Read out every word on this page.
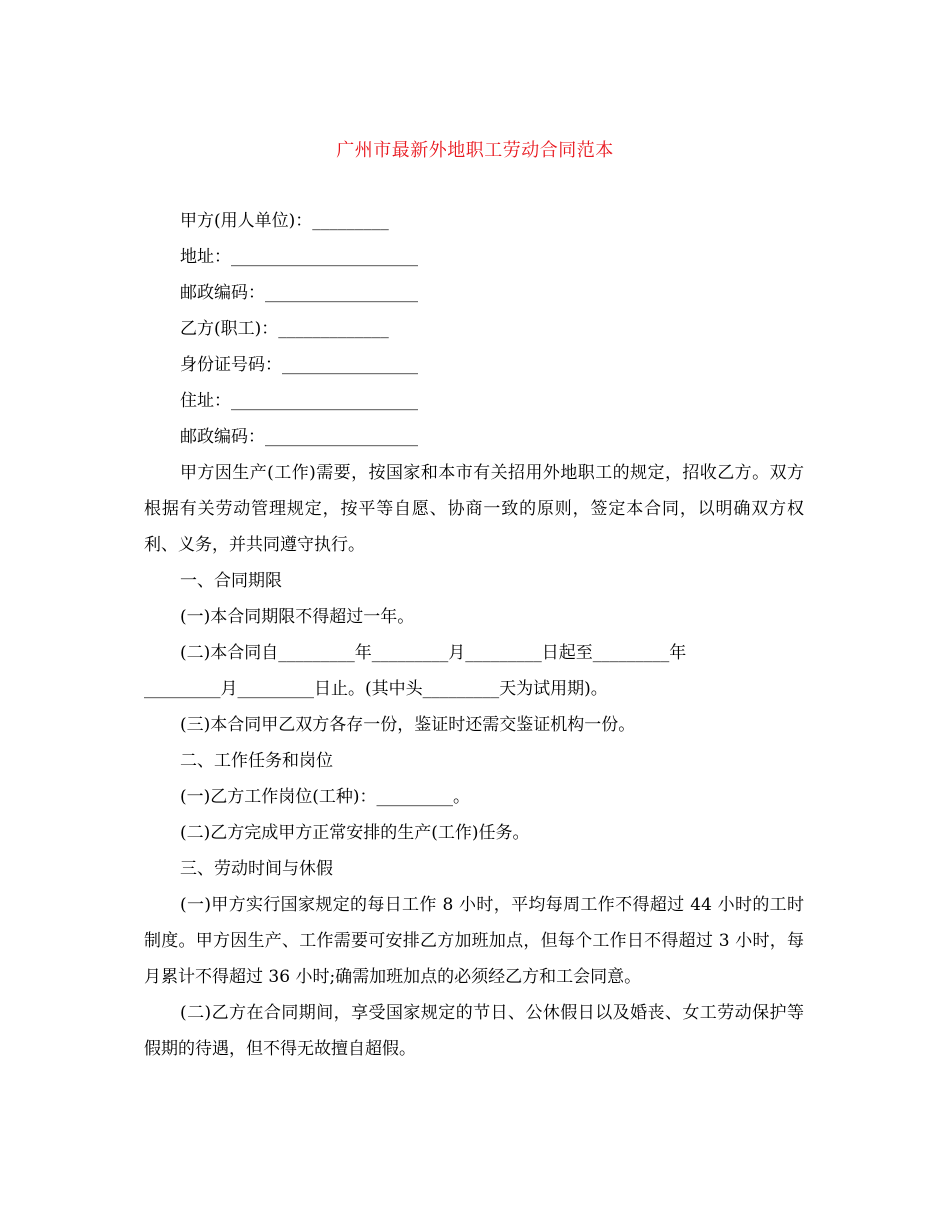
广州市最新外地职工劳动合同范本

甲方(用人单位)：_________

地址：______________________

邮政编码：__________________

乙方(职工)：_____________

身份证号码：________________

住址：______________________

邮政编码：__________________

甲方因生产(工作)需要，按国家和本市有关招用外地职工的规定，招收乙方。双方根据有关劳动管理规定，按平等自愿、协商一致的原则，签定本合同，以明确双方权利、义务，并共同遵守执行。

一、合同期限

(一)本合同期限不得超过一年。

(二)本合同自_________年_________月_________日起至_________年

_________月_________日止。(其中头_________天为试用期)。

(三)本合同甲乙双方各存一份，鉴证时还需交鉴证机构一份。

二、工作任务和岗位

(一)乙方工作岗位(工种)：_________。

(二)乙方完成甲方正常安排的生产(工作)任务。

三、劳动时间与休假

(一)甲方实行国家规定的每日工作 8 小时，平均每周工作不得超过 44 小时的工时制度。甲方因生产、工作需要可安排乙方加班加点，但每个工作日不得超过 3 小时，每月累计不得超过 36 小时;确需加班加点的必须经乙方和工会同意。

(二)乙方在合同期间，享受国家规定的节日、公休假日以及婚丧、女工劳动保护等假期的待遇，但不得无故擅自超假。
